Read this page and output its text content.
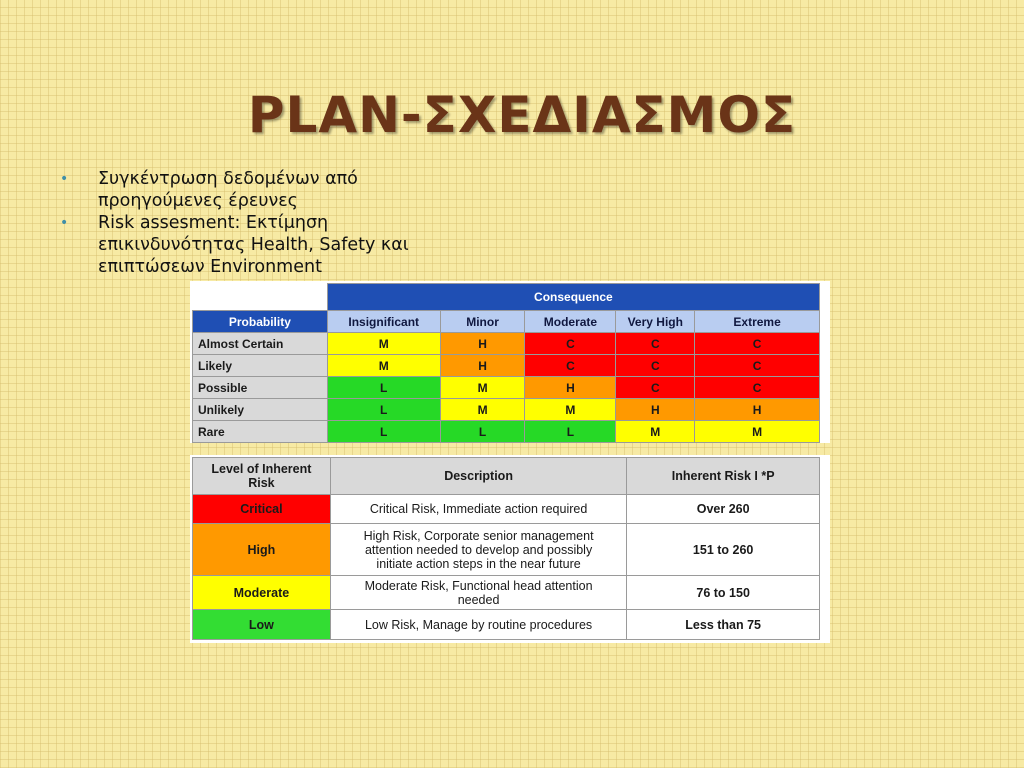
PLAN-ΣΧΕΔΙΑΣΜΟΣ
• Συγκέντρωση δεδομένων από
προηγούμενες έρευνες
• Risk assesment: Εκτίμηση
επικινδυνότητας Health, Safety και
επιπτώσεων Environment
	Consequence				
Probability	Insignificant	Minor	Moderate	Very High	Extreme
Almost Certain	M	H	C	C	C
Likely	M	H	C	C	C
Possible	L	M	H	C	C
Unlikely	L	M	M	H	H
Rare	L	L	L	M	M
Level of Inherent
Risk	Description	Inherent Risk I *P
Critical	Critical Risk, Immediate action required	Over 260
High	High Risk, Corporate senior management
attention needed to develop and possibly
initiate action steps in the near future	151 to 260
Moderate	Moderate Risk, Functional head attention
needed	76 to 150
Low	Low Risk, Manage by routine procedures	Less than 75
